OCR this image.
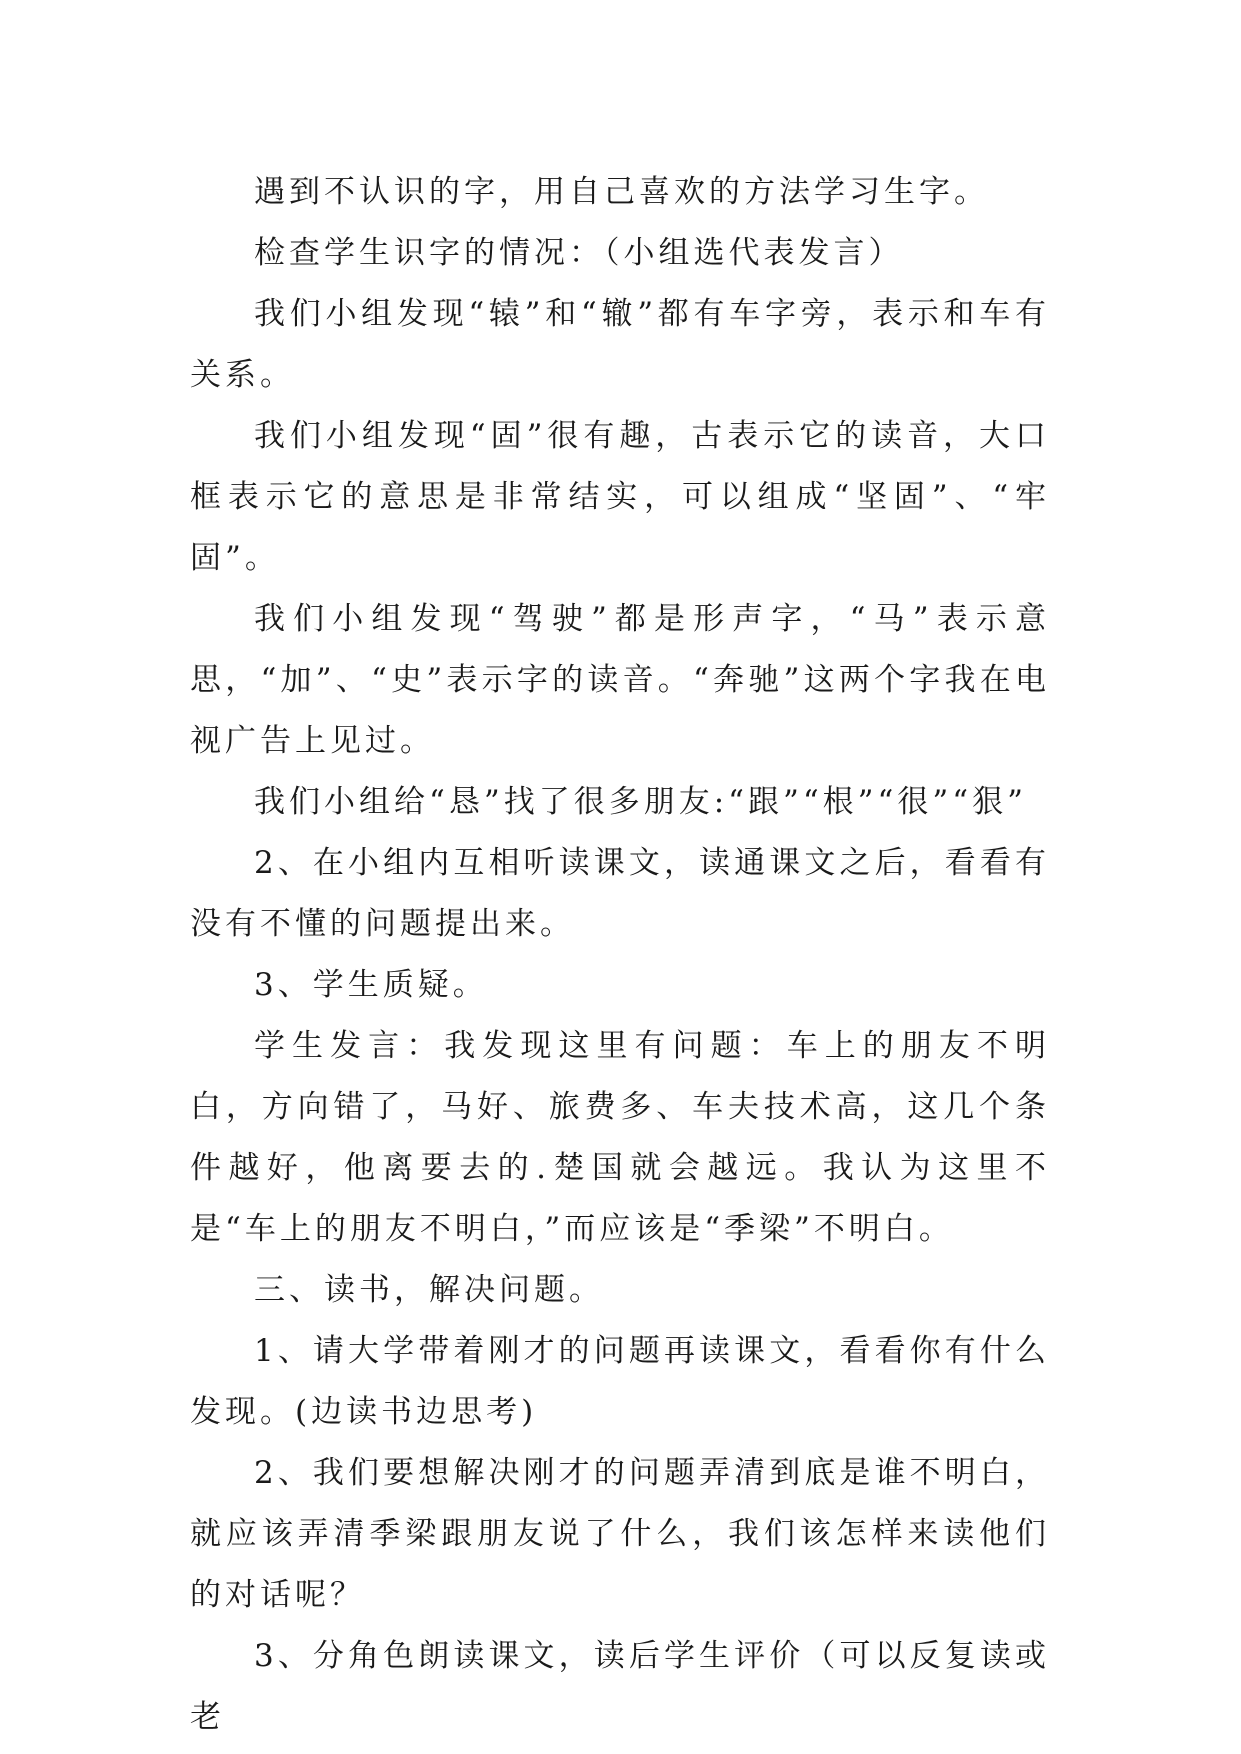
遇到不认识的字，用自己喜欢的方法学习生字。

检查学生识字的情况：（小组选代表发言）

我们小组发现“辕”和“辙”都有车字旁，表示和车有关系。

我们小组发现“固”很有趣，古表示它的读音，大口框表示它的意思是非常结实，可以组成“坚固”、“牢固”。

我们小组发现“驾驶”都是形声字，“马”表示意思，“加”、“史”表示字的读音。“奔驰”这两个字我在电视广告上见过。

我们小组给“恳”找了很多朋友:“跟”“根”“很”“狠”

2、在小组内互相听读课文，读通课文之后，看看有没有不懂的问题提出来。

3、学生质疑。

学生发言：我发现这里有问题：车上的朋友不明白，方向错了，马好、旅费多、车夫技术高，这几个条件越好，他离要去的.楚国就会越远。我认为这里不是“车上的朋友不明白，”而应该是“季梁”不明白。

三、读书，解决问题。

1、请大学带着刚才的问题再读课文，看看你有什么发现。(边读书边思考)

2、我们要想解决刚才的问题弄清到底是谁不明白，就应该弄清季梁跟朋友说了什么，我们该怎样来读他们的对话呢？

3、分角色朗读课文，读后学生评价（可以反复读或老
